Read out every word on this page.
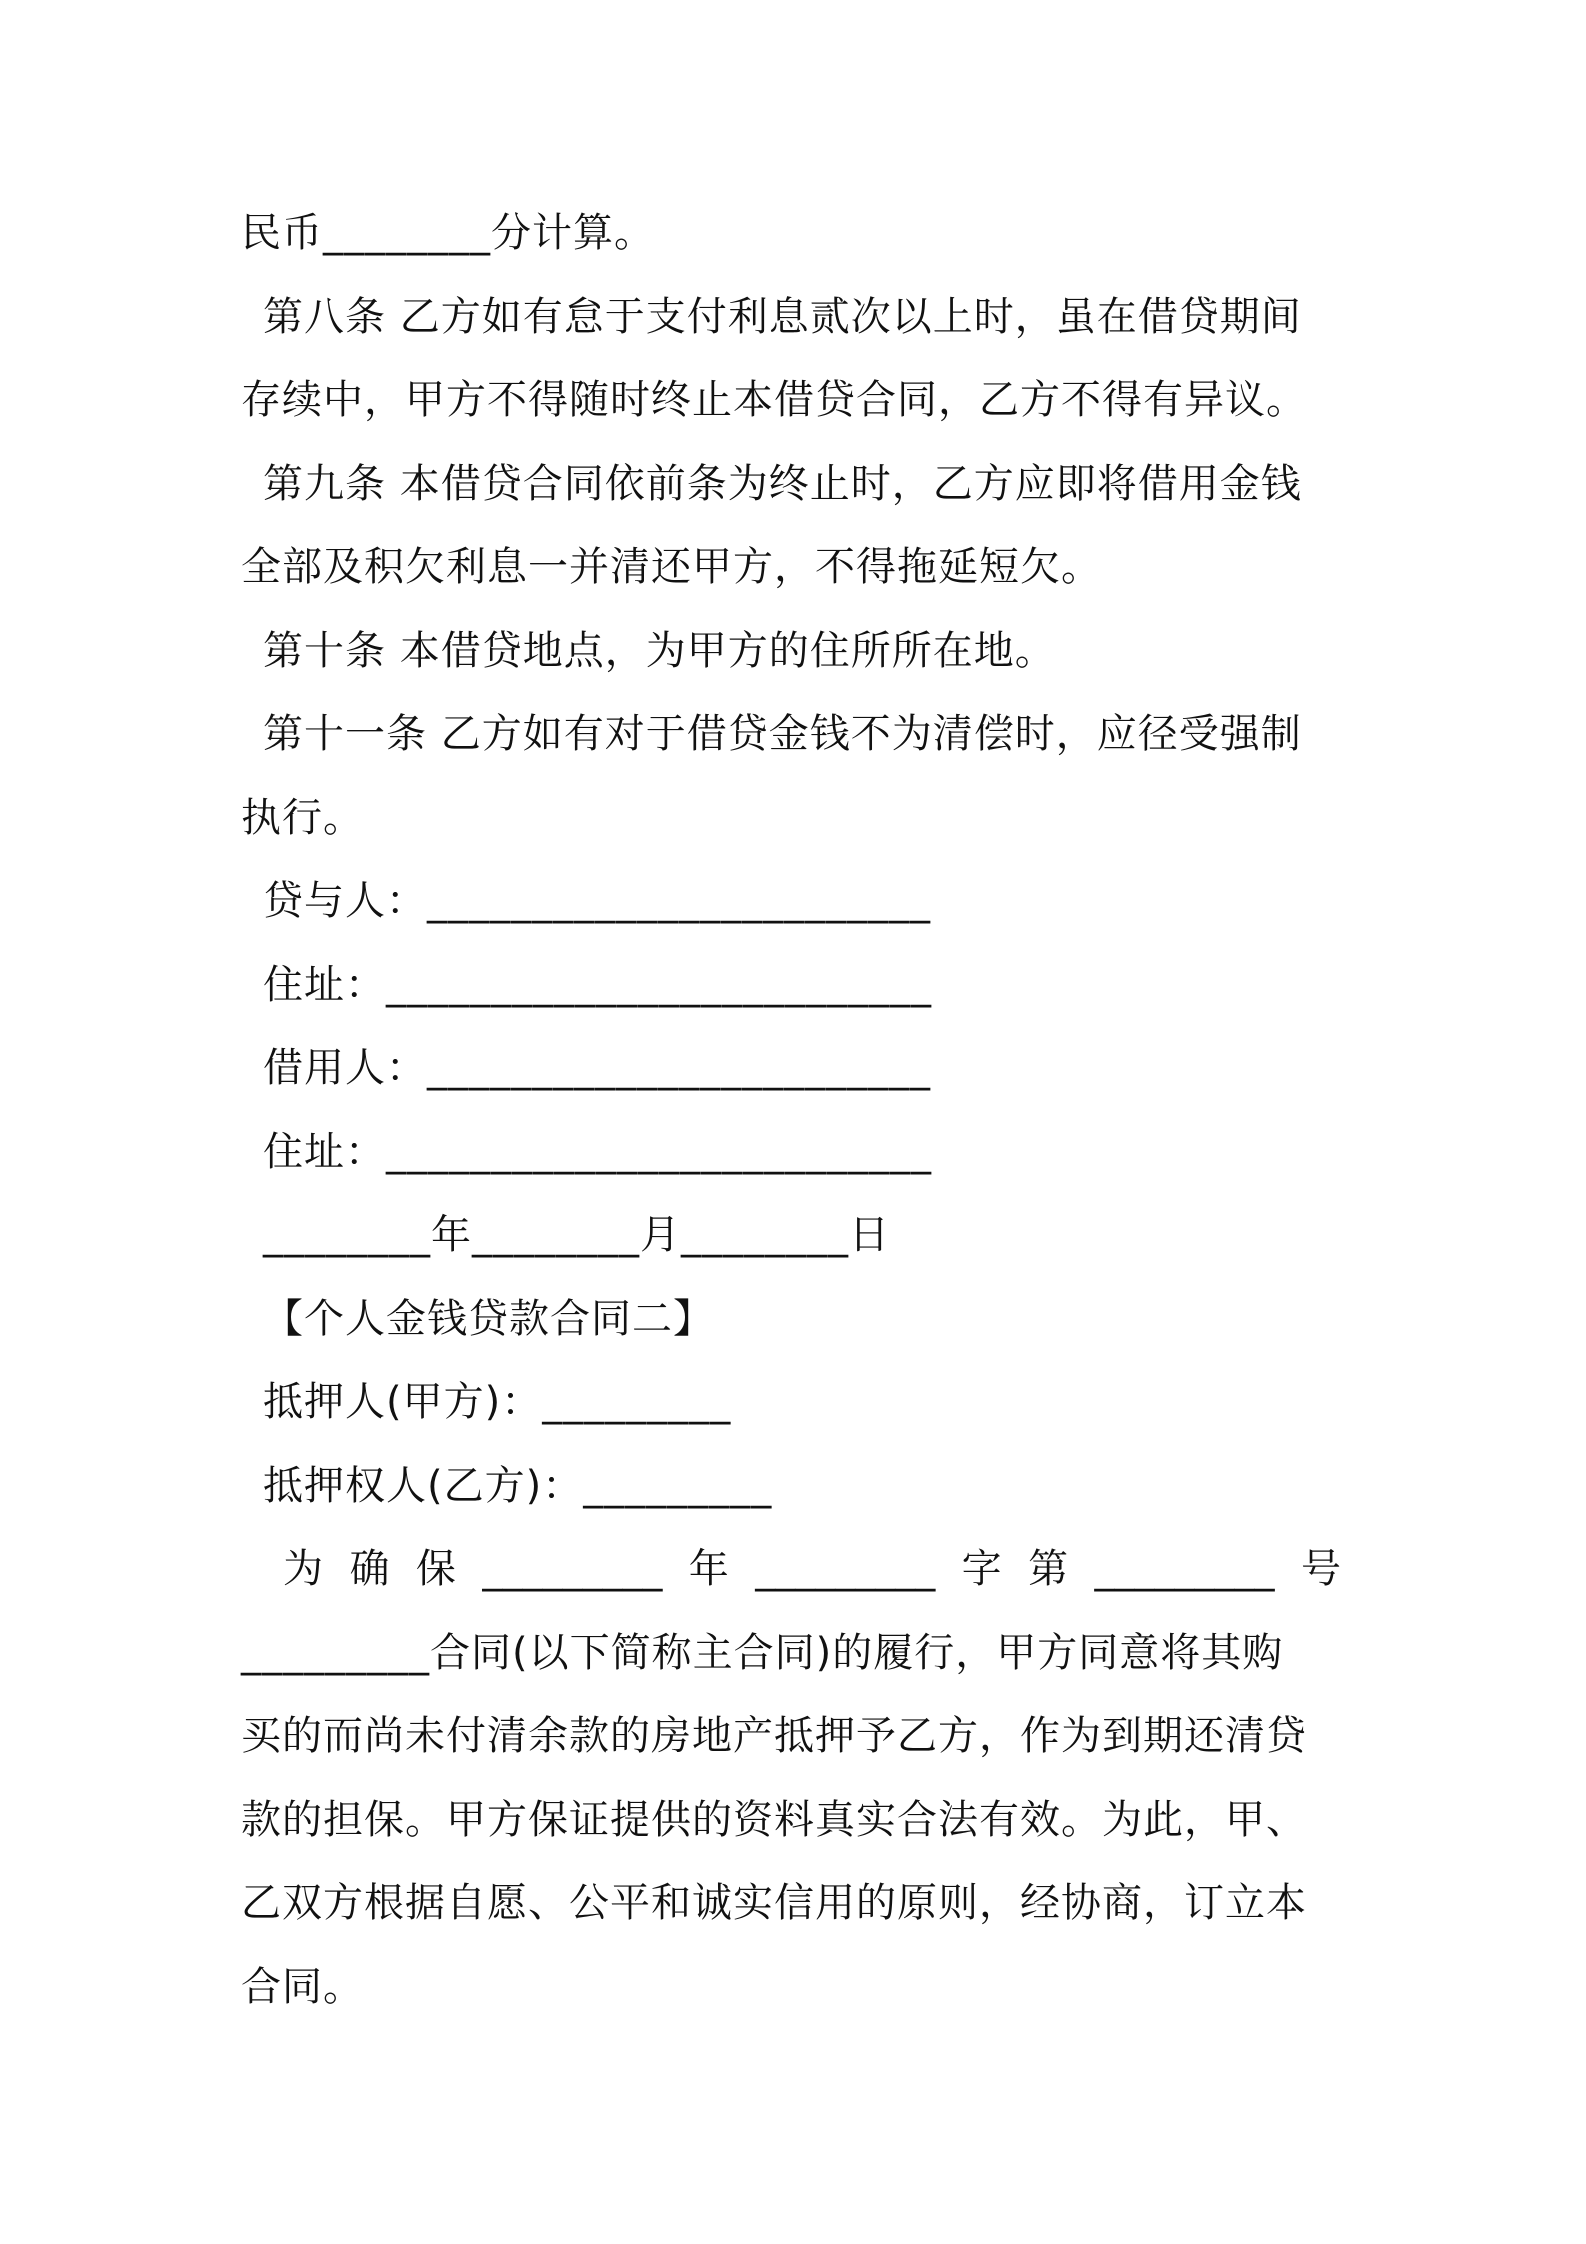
民币________分计算。
第八条 乙方如有怠于支付利息贰次以上时，虽在借贷期间
存续中，甲方不得随时终止本借贷合同，乙方不得有异议。
第九条 本借贷合同依前条为终止时，乙方应即将借用金钱
全部及积欠利息一并清还甲方，不得拖延短欠。
第十条 本借贷地点，为甲方的住所所在地。
第十一条 乙方如有对于借贷金钱不为清偿时，应径受强制
执行。
贷与人：________________________
住址：__________________________
借用人：________________________
住址：__________________________
________年________月________日
【个人金钱贷款合同二】
抵押人(甲方)：_________
抵押权人(乙方)：_________
为 确 保 _________ 年 _________ 字 第 _________ 号
_________合同(以下简称主合同)的履行，甲方同意将其购
买的而尚未付清余款的房地产抵押予乙方，作为到期还清贷
款的担保。甲方保证提供的资料真实合法有效。为此，甲、
乙双方根据自愿、公平和诚实信用的原则，经协商，订立本
合同。
